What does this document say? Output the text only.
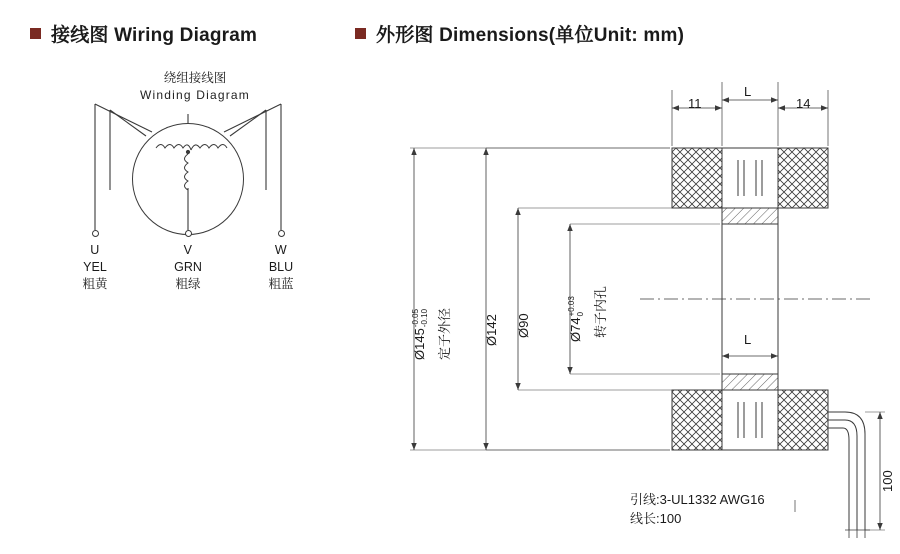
接线图 Wiring Diagram	外形图 Dimensions(单位Unit: mm)
绕组接线图
Winding Diagram
U
YEL
粗黄
V
GRN
粗绿
W
BLU
粗蓝
11
L
14
L
Ø145
-0.05 -0.10 定子外径 Ø142 Ø90	Ø74
+0.03 0 转子内孔
100
引线:3-UL1332 AWG16
线长:100
